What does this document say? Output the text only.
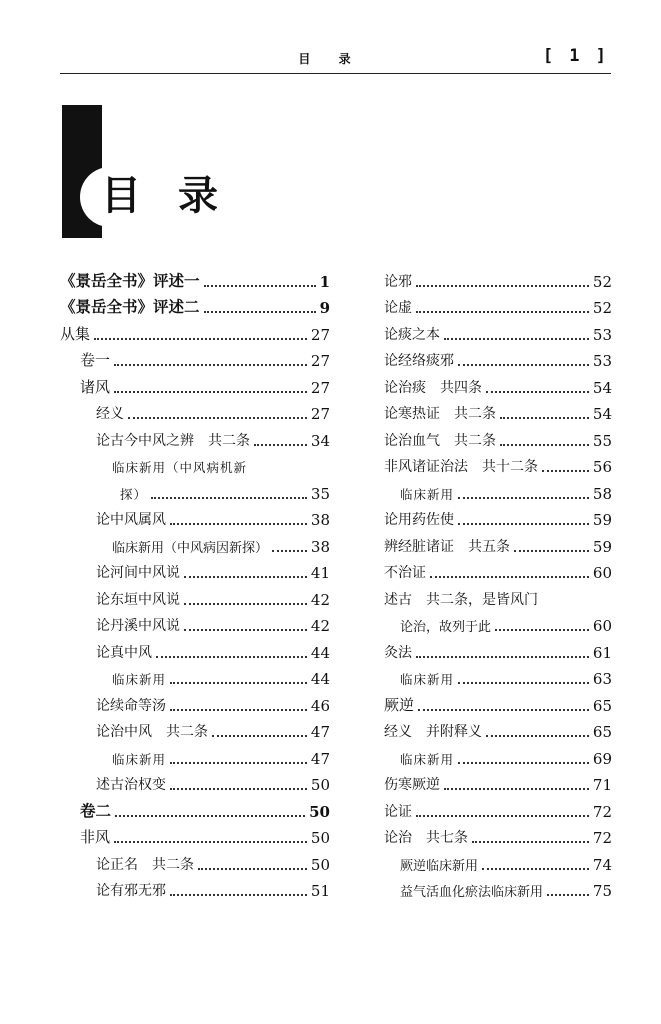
目 录	[ 1 ]
目 录
《景岳全书》评述一	1
《景岳全书》评述二	9
从集	27
卷一	27
诸风	27
经义	27
论古今中风之辨　共二条	34
临床新用（中风病机新
探）	35
论中风属风	38
临床新用（中风病因新探）	38
论河间中风说	41
论东垣中风说	42
论丹溪中风说	42
论真中风	44
临床新用	44
论续命等汤	46
论治中风　共二条	47
临床新用	47
述古治权变	50
卷二	50
非风	50
论正名　共二条	50
论有邪无邪	51
论邪	52
论虚	52
论痰之本	53
论经络痰邪	53
论治痰　共四条	54
论寒热证　共二条	54
论治血气　共二条	55
非风诸证治法　共十二条	56
临床新用	58
论用药佐使	59
辨经脏诸证　共五条	59
不治证	60
述古　共二条，是皆风门
论治，故列于此	60
灸法	61
临床新用	63
厥逆	65
经义　并附释义	65
临床新用	69
伤寒厥逆	71
论证	72
论治　共七条	72
厥逆临床新用	74
益气活血化瘀法临床新用	75
